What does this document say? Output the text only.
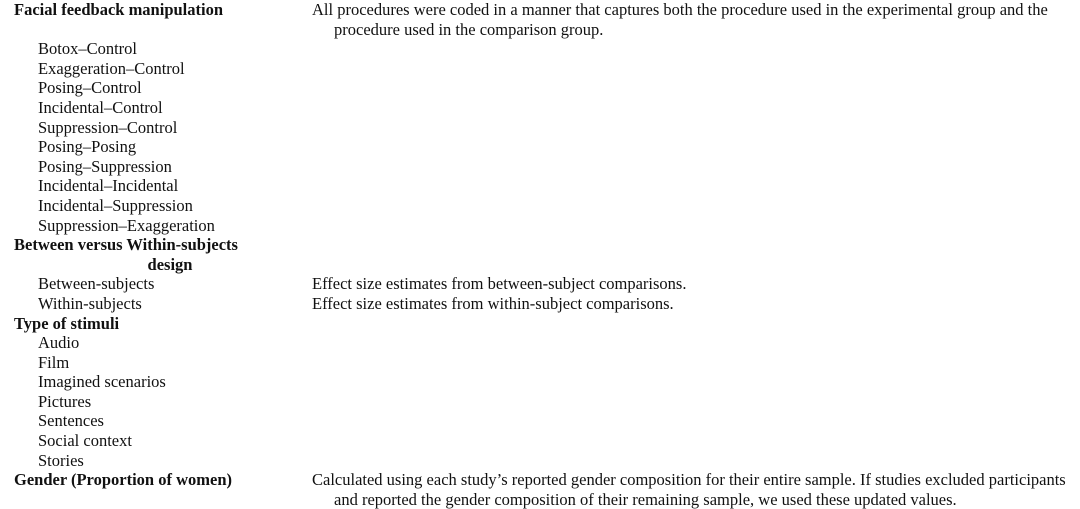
Facial feedback manipulation	All procedures were coded in a manner that captures both the procedure used in the experimental group and the procedure used in the comparison group.

Botox–Control	

Exaggeration–Control	

Posing–Control	

Incidental–Control	

Suppression–Control	

Posing–Posing	

Posing–Suppression	

Incidental–Incidental	

Incidental–Suppression	

Suppression–Exaggeration	

Between versus Within-subjects
design	

Between-subjects	Effect size estimates from between-subject comparisons.

Within-subjects	Effect size estimates from within-subject comparisons.

Type of stimuli	

Audio	

Film	

Imagined scenarios	

Pictures	

Sentences	

Social context	

Stories	

Gender (Proportion of women)	Calculated using each study’s reported gender composition for their entire sample. If studies excluded participants and reported the gender composition of their remaining sample, we used these updated values.
